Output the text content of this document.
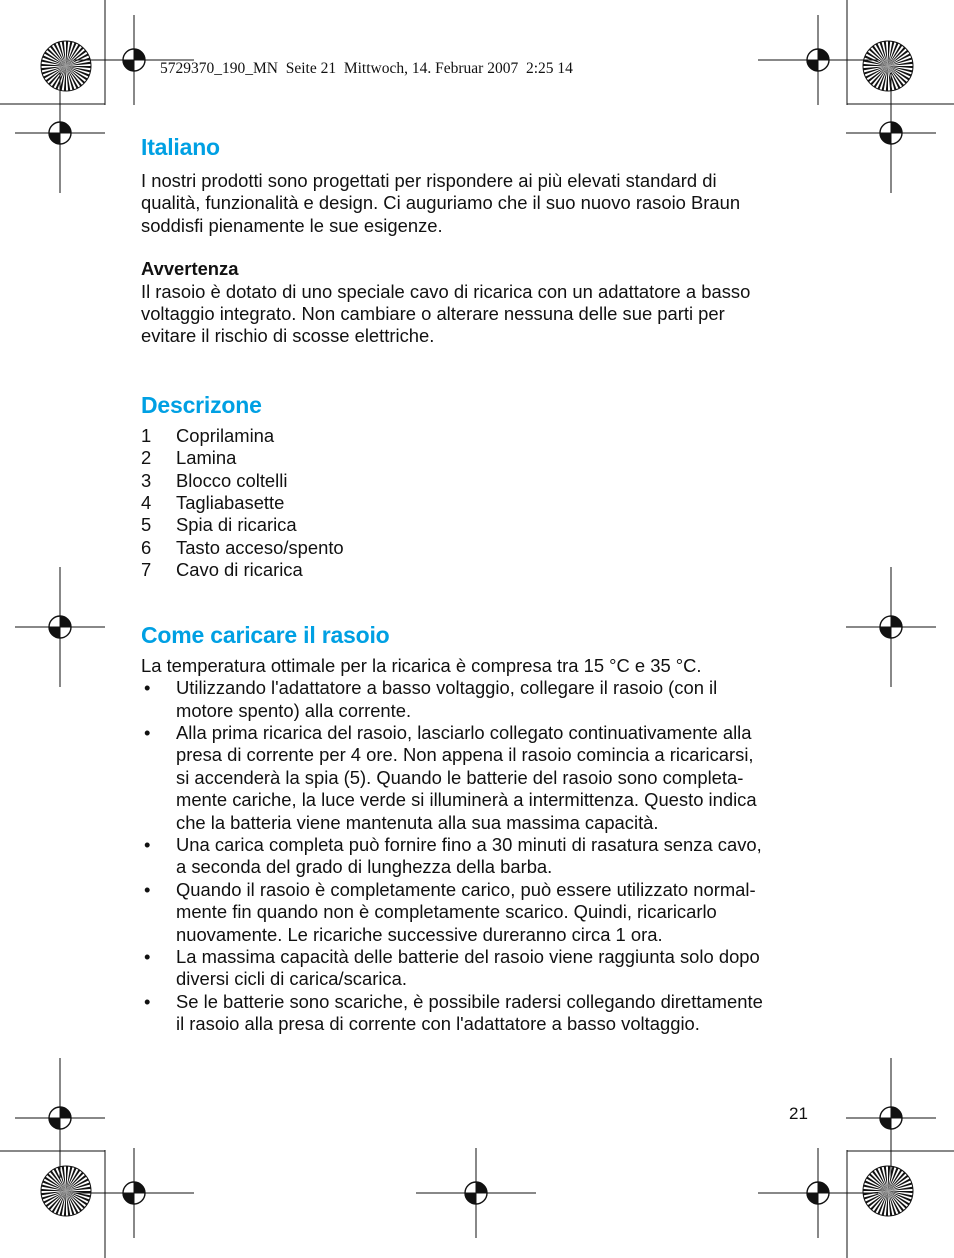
5729370_190_MN  Seite 21  Mittwoch, 14. Februar 2007  2:25 14
Italiano
I nostri prodotti sono progettati per rispondere ai più elevati standard di
qualità, funzionalità e design. Ci auguriamo che il suo nuovo rasoio Braun
soddisfi pienamente le sue esigenze.
Avvertenza
Il rasoio è dotato di uno speciale cavo di ricarica con un adattatore a basso
voltaggio integrato. Non cambiare o alterare nessuna delle sue parti per
evitare il rischio di scosse elettriche.
Descrizone
1	Coprilamina
2	Lamina
3	Blocco coltelli
4	Tagliabasette
5	Spia di ricarica
6	Tasto acceso/spento
7	Cavo di ricarica
Come caricare il rasoio
La temperatura ottimale per la ricarica è compresa tra 15 °C e 35 °C.
•	Utilizzando l'adattatore a basso voltaggio, collegare il rasoio (con il
motore spento) alla corrente.
•	Alla prima ricarica del rasoio, lasciarlo collegato continuativamente alla
presa di corrente per 4 ore. Non appena il rasoio comincia a ricaricarsi,
si accenderà la spia (5). Quando le batterie del rasoio sono completa-
mente cariche, la luce verde si illuminerà a intermittenza. Questo indica
che la batteria viene mantenuta alla sua massima capacità.
•	Una carica completa può fornire fino a 30 minuti di rasatura senza cavo,
a seconda del grado di lunghezza della barba.
•	Quando il rasoio è completamente carico, può essere utilizzato normal-
mente fin quando non è completamente scarico. Quindi, ricaricarlo
nuovamente. Le ricariche successive dureranno circa 1 ora.
•	La massima capacità delle batterie del rasoio viene raggiunta solo dopo
diversi cicli di carica/scarica.
•	Se le batterie sono scariche, è possibile radersi collegando direttamente
il rasoio alla presa di corrente con l'adattatore a basso voltaggio.
21
